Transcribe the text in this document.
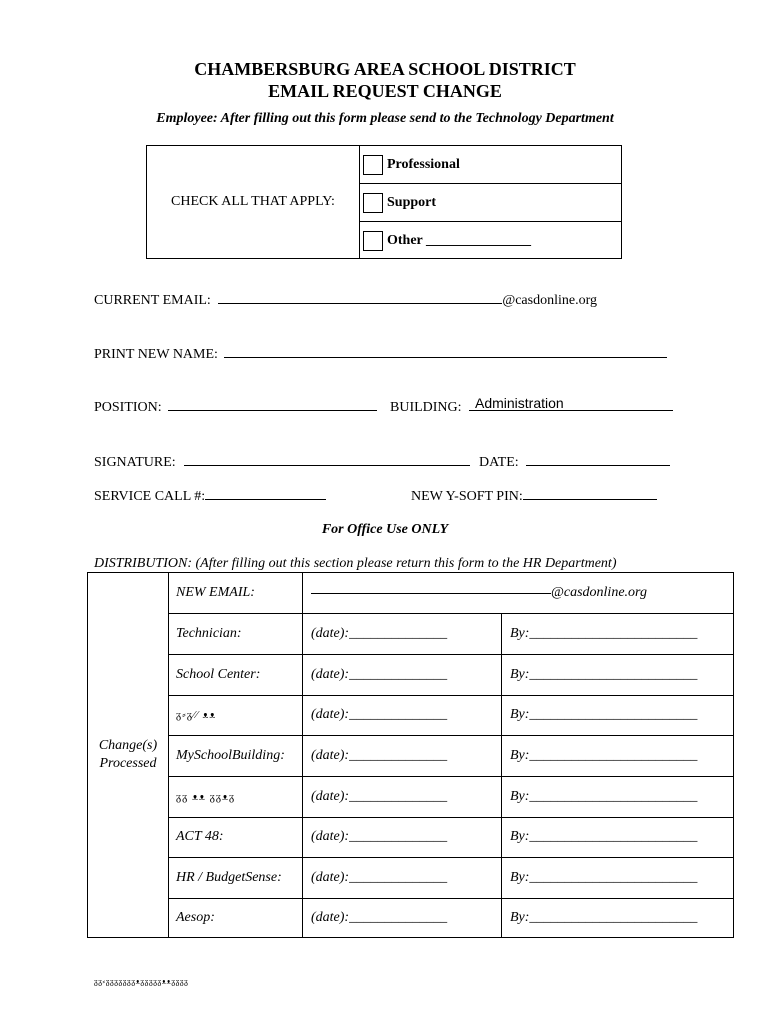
CHAMBERSBURG AREA SCHOOL DISTRICT
EMAIL REQUEST CHANGE
Employee: After filling out this form please send to the Technology Department
CHECK ALL THAT APPLY:
Professional
Support
Other _______________
CURRENT EMAIL:	@casdonline.org
PRINT NEW NAME:
POSITION:	BUILDING: Administration
SIGNATURE:	DATE:
SERVICE CALL #:	NEW Y-SOFT PIN:
For Office Use ONLY
DISTRIBUTION: (After filling out this section please return this form to the HR Department)
Change(s)
Processed
NEW EMAIL:	@casdonline.org
Technician:	(date):______________	By:________________________
School Center:	(date):______________	By:________________________
ᵹ⸗ᵹ⁄⁄ ᴥᴥ	(date):______________	By:________________________
MySchoolBuilding:	(date):______________	By:________________________
ᵹᵹ ᴥᴥ ᵹᵹᴥᵹ	(date):______________	By:________________________
ACT 48:	(date):______________	By:________________________
HR / BudgetSense:	(date):______________	By:________________________
Aesop:	(date):______________	By:________________________
ᵹᵹ⸗ᵹᵹᵹᵹᵹᵹᵹᴥᵹᵹᵹᵹᵹᴥᴥᵹᵹᵹᵹ
